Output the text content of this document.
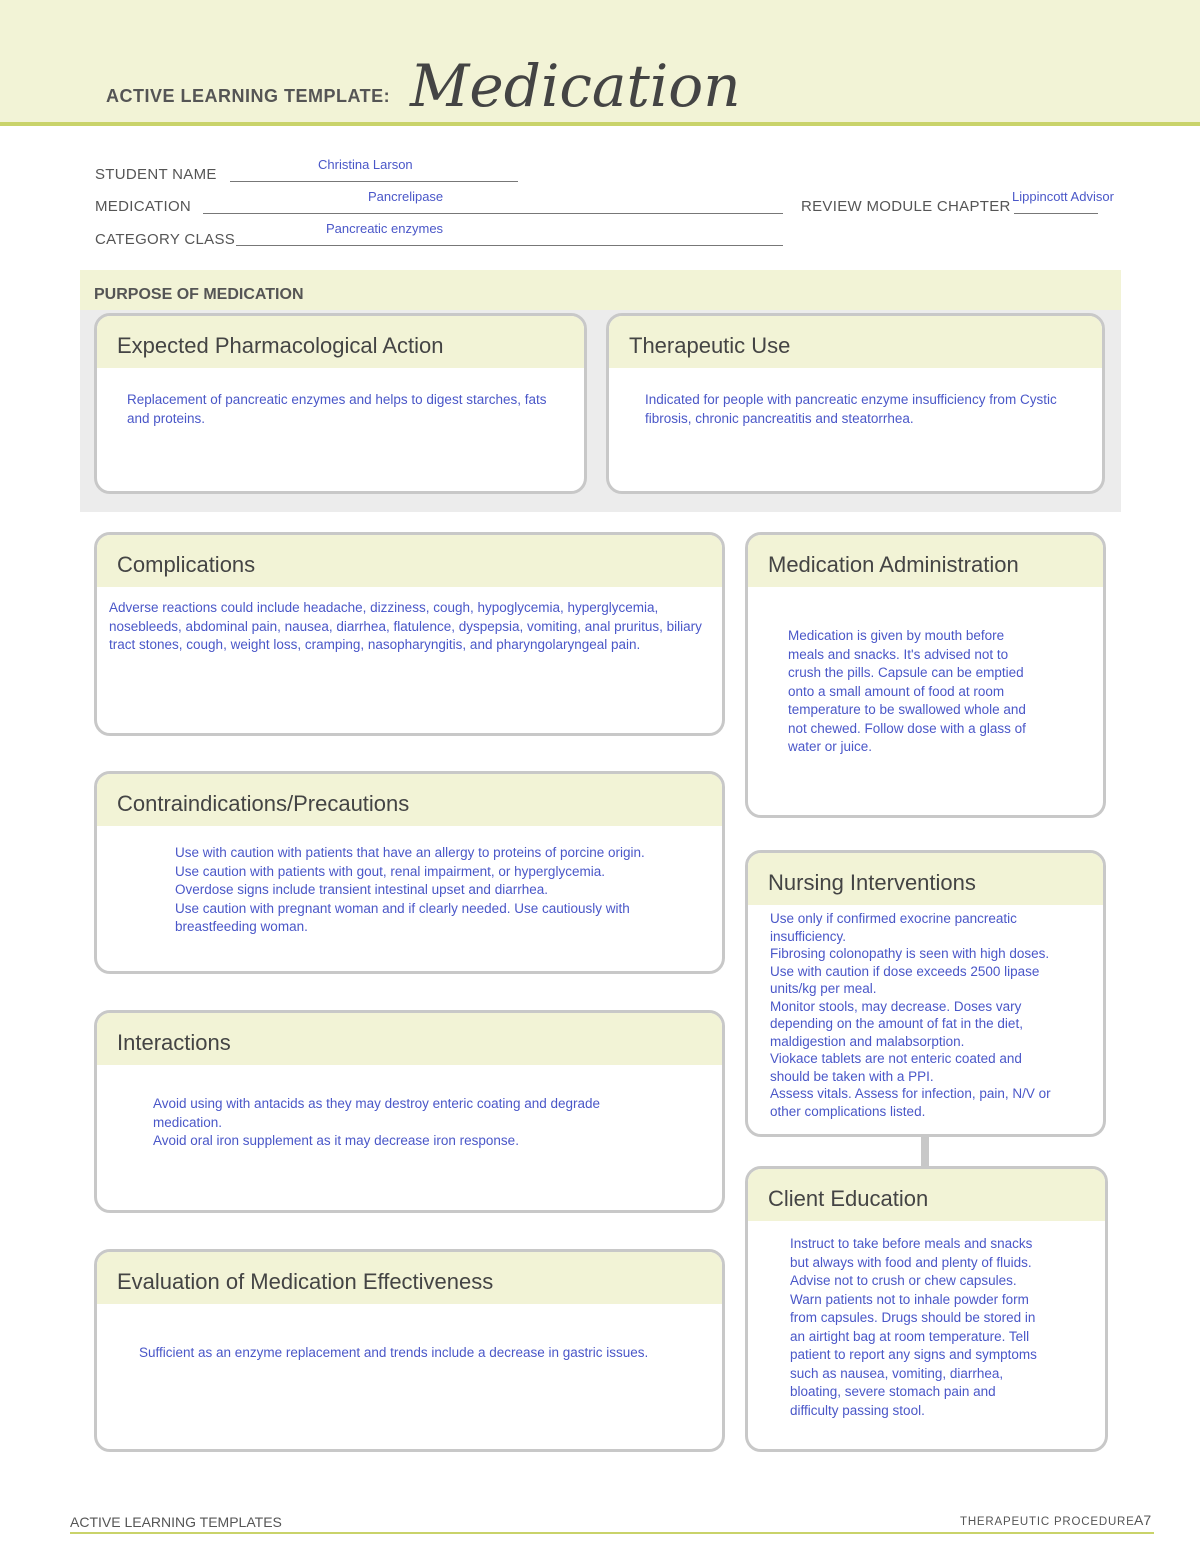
ACTIVE LEARNING TEMPLATE: Medication
STUDENT NAME
Christina Larson
MEDICATION
Pancrelipase
REVIEW MODULE CHAPTER
Lippincott Advisor
CATEGORY CLASS
Pancreatic enzymes
PURPOSE OF MEDICATION
Expected Pharmacological Action
Replacement of pancreatic enzymes and helps to digest starches, fats and proteins.
Therapeutic Use
Indicated for people with pancreatic enzyme insufficiency from Cystic fibrosis, chronic pancreatitis and steatorrhea.
Complications
Adverse reactions could include headache, dizziness, cough, hypoglycemia, hyperglycemia, nosebleeds, abdominal pain, nausea, diarrhea, flatulence, dyspepsia, vomiting, anal pruritus, biliary tract stones, cough, weight loss, cramping, nasopharyngitis, and pharyngolaryngeal pain.
Contraindications/Precautions
Use with caution with patients that have an allergy to proteins of porcine origin. Use caution with patients with gout, renal impairment, or hyperglycemia.
Overdose signs include transient intestinal upset and diarrhea.
Use caution with pregnant woman and if clearly needed. Use cautiously with breastfeeding woman.
Interactions
Avoid using with antacids as they may destroy enteric coating and degrade medication.
Avoid oral iron supplement as it may decrease iron response.
Evaluation of Medication Effectiveness
Sufficient as an enzyme replacement and trends include a decrease in gastric issues.
Medication Administration
Medication is given by mouth before meals and snacks. It's advised not to crush the pills. Capsule can be emptied onto a small amount of food at room temperature to be swallowed whole and not chewed. Follow dose with a glass of water or juice.
Nursing Interventions
Use only if confirmed exocrine pancreatic insufficiency.
Fibrosing colonopathy is seen with high doses. Use with caution if dose exceeds 2500 lipase units/kg per meal.
Monitor stools, may decrease. Doses vary depending on the amount of fat in the diet, maldigestion and malabsorption.
Viokace tablets are not enteric coated and should be taken with a PPI.
Assess vitals. Assess for infection, pain, N/V or other complications listed.
Client Education
Instruct to take before meals and snacks but always with food and plenty of fluids. Advise not to crush or chew capsules. Warn patients not to inhale powder form from capsules. Drugs should be stored in an airtight bag at room temperature. Tell patient to report any signs and symptoms such as nausea, vomiting, diarrhea, bloating, severe stomach pain and difficulty passing stool.
ACTIVE LEARNING TEMPLATES	THERAPEUTIC PROCEDURE A7
